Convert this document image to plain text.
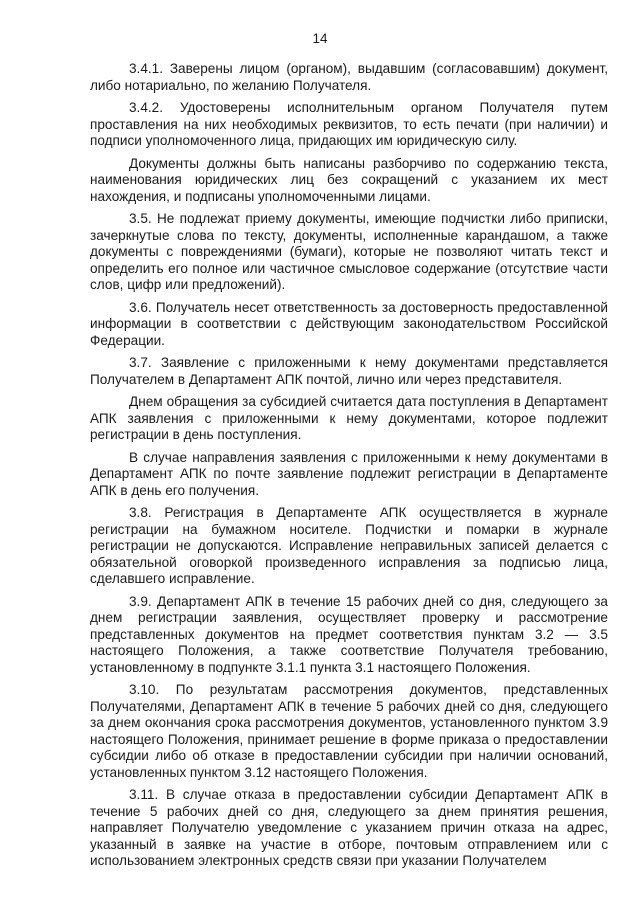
14

3.4.1. Заверены лицом (органом), выдавшим (согласовавшим) документ, либо нотариально, по желанию Получателя.

3.4.2. Удостоверены исполнительным органом Получателя путем проставления на них необходимых реквизитов, то есть печати (при наличии) и подписи уполномоченного лица, придающих им юридическую силу.

Документы должны быть написаны разборчиво по содержанию текста, наименования юридических лиц без сокращений с указанием их мест нахождения, и подписаны уполномоченными лицами.

3.5. Не подлежат приему документы, имеющие подчистки либо приписки, зачеркнутые слова по тексту, документы, исполненные карандашом, а также документы с повреждениями (бумаги), которые не позволяют читать текст и определить его полное или частичное смысловое содержание (отсутствие части слов, цифр или предложений).

3.6. Получатель несет ответственность за достоверность предоставленной информации в соответствии с действующим законодательством Российской Федерации.

3.7. Заявление с приложенными к нему документами представляется Получателем в Департамент АПК почтой, лично или через представителя.

Днем обращения за субсидией считается дата поступления в Департамент АПК заявления с приложенными к нему документами, которое подлежит регистрации в день поступления.

В случае направления заявления с приложенными к нему документами в Департамент АПК по почте заявление подлежит регистрации в Департаменте АПК в день его получения.

3.8. Регистрация в Департаменте АПК осуществляется в журнале регистрации на бумажном носителе. Подчистки и помарки в журнале регистрации не допускаются. Исправление неправильных записей делается с обязательной оговоркой произведенного исправления за подписью лица, сделавшего исправление.

3.9. Департамент АПК в течение 15 рабочих дней со дня, следующего за днем регистрации заявления, осуществляет проверку и рассмотрение представленных документов на предмет соответствия пунктам 3.2 — 3.5 настоящего Положения, а также соответствие Получателя требованию, установленному в подпункте 3.1.1 пункта 3.1 настоящего Положения.

3.10. По результатам рассмотрения документов, представленных Получателями, Департамент АПК в течение 5 рабочих дней со дня, следующего за днем окончания срока рассмотрения документов, установленного пунктом 3.9 настоящего Положения, принимает решение в форме приказа о предоставлении субсидии либо об отказе в предоставлении субсидии при наличии оснований, установленных пунктом 3.12 настоящего Положения.

3.11. В случае отказа в предоставлении субсидии Департамент АПК в течение 5 рабочих дней со дня, следующего за днем принятия решения, направляет Получателю уведомление с указанием причин отказа на адрес, указанный в заявке на участие в отборе, почтовым отправлением или с использованием электронных средств связи при указании Получателем
